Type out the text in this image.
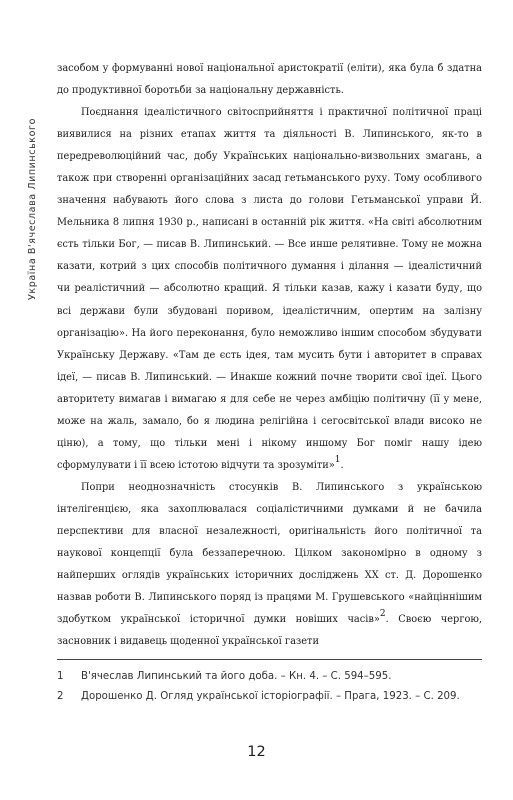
Україна В'ячеслава Липинського

засобом у формуванні нової національної аристократії (еліти), яка була б здатна до продуктивної боротьби за національну державність.

Поєднання ідеалістичного світосприйняття і практичної політичної праці виявилися на різних етапах життя та діяльності В. Липинського, як-то в передреволюційний час, добу Українських національно-визвольних змагань, а також при створенні організаційних засад гетьманського руху. Тому особливого значення набувають його слова з листа до голови Гетьманської управи Й. Мельника 8 липня 1930 р., написані в останній рік життя. «На світі абсолютним єсть тільки Бог, — писав В. Липинський. — Все инше релятивне. Тому не можна казати, котрий з цих способів політичного думання і ділання — ідеалістичний чи реалістичний — абсолютно кращий. Я тільки казав, кажу і казати буду, що всі держави були збудовані поривом, ідеалістичним, опертим на залізну організацію». На його переконання, було неможливо іншим способом збудувати Українську Державу. «Там де єсть ідея, там мусить бути і авторитет в справах ідеї, — писав В. Липинський. — Инакше кожний почне творити свої ідеї. Цього авторитету вимагав і вимагаю я для себе не через амбіцію політичну (її у мене, може на жаль, замало, бо я людина релігійна і сегосвітської влади високо не ціню), а тому, що тільки мені і нікому иншому Бог поміг нашу ідею сформулувати і її всею істотою відчути та зрозуміти»$^1$.

Попри неоднозначність стосунків В. Липинського з українською інтелігенцією, яка захоплювалася соціалістичними думками й не бачила перспективи для власної незалежності, оригінальність його політичної та наукової концепції була беззаперечною. Цілком закономірно в одному з найперших оглядів українських історичних досліджень XX ст. Д. Дорошенко назвав роботи В. Липинського поряд із працями М. Грушевського «найціннішим здобутком української історичної думки новіших часів»$^2$. Своєю чергою, засновник і видавець щоденної української газети

1	В'ячеслав Липинський та його доба. – Кн. 4. – С. 594–595.
2	Дорошенко Д. Огляд української історіографії. – Прага, 1923. – С. 209.
12
